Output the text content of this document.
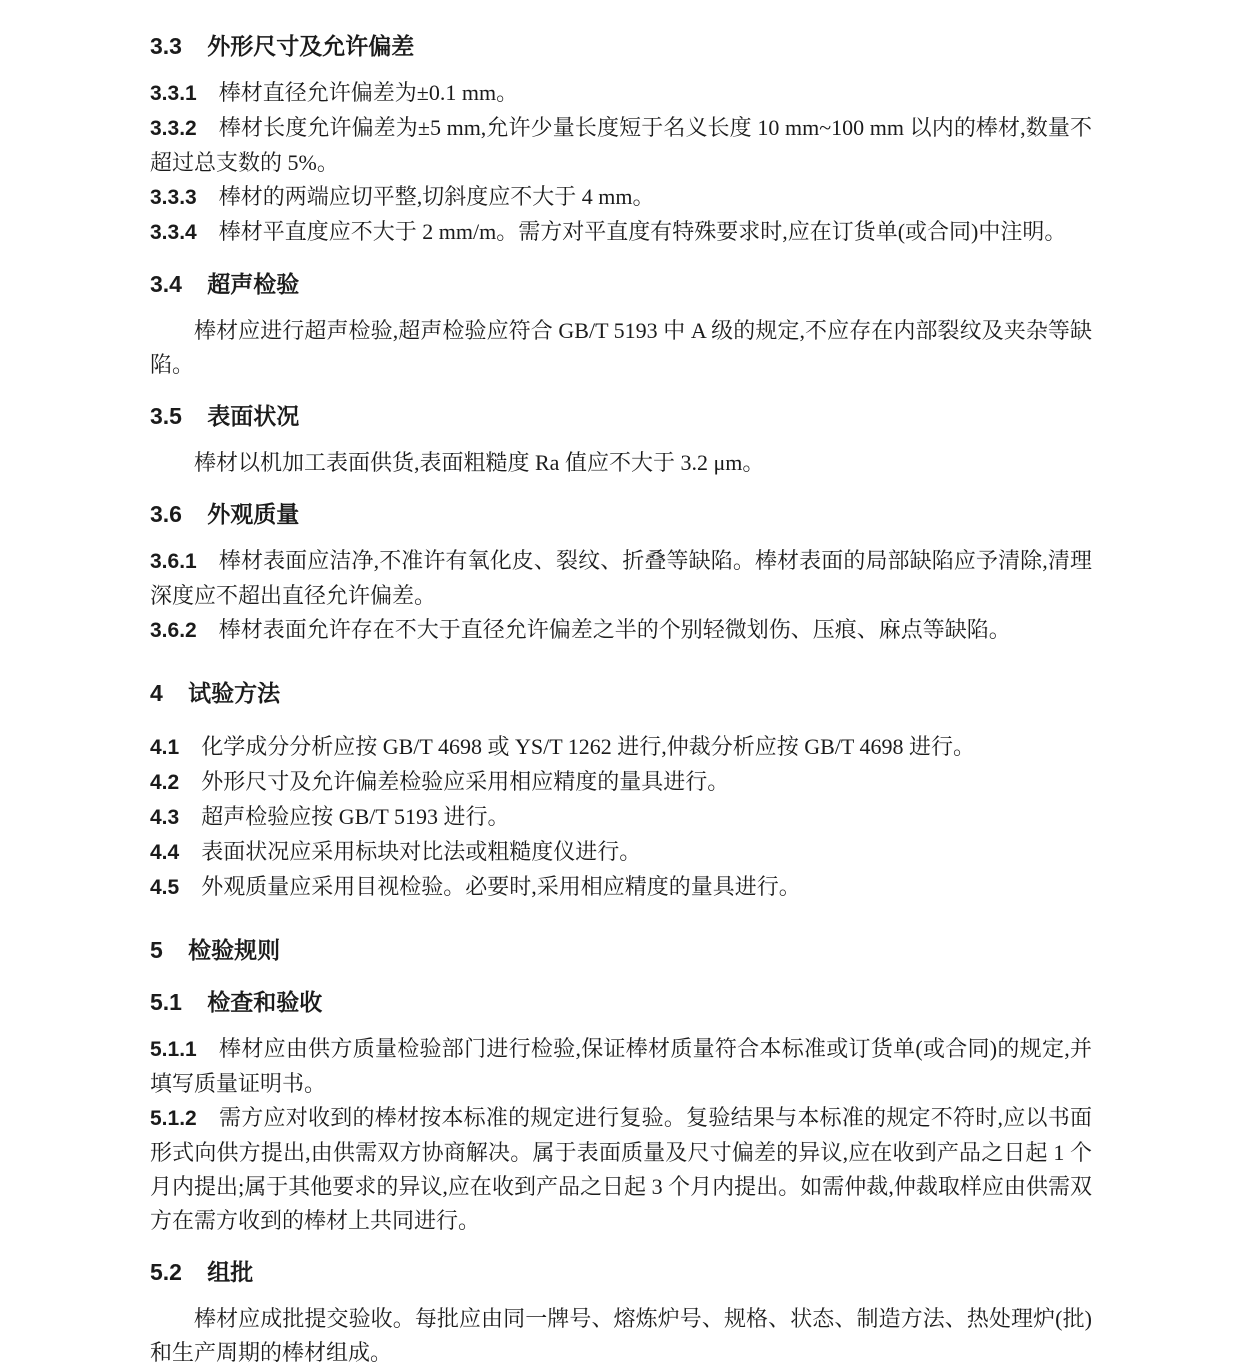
3.3 外形尺寸及允许偏差

3.3.1 棒材直径允许偏差为±0.1 mm。

3.3.2 棒材长度允许偏差为±5 mm,允许少量长度短于名义长度 10 mm~100 mm 以内的棒材,数量不超过总支数的 5%。

3.3.3 棒材的两端应切平整,切斜度应不大于 4 mm。

3.3.4 棒材平直度应不大于 2 mm/m。需方对平直度有特殊要求时,应在订货单(或合同)中注明。

3.4 超声检验

棒材应进行超声检验,超声检验应符合 GB/T 5193 中 A 级的规定,不应存在内部裂纹及夹杂等缺陷。

3.5 表面状况

棒材以机加工表面供货,表面粗糙度 Ra 值应不大于 3.2 μm。

3.6 外观质量

3.6.1 棒材表面应洁净,不准许有氧化皮、裂纹、折叠等缺陷。棒材表面的局部缺陷应予清除,清理深度应不超出直径允许偏差。

3.6.2 棒材表面允许存在不大于直径允许偏差之半的个别轻微划伤、压痕、麻点等缺陷。

4 试验方法

4.1 化学成分分析应按 GB/T 4698 或 YS/T 1262 进行,仲裁分析应按 GB/T 4698 进行。

4.2 外形尺寸及允许偏差检验应采用相应精度的量具进行。

4.3 超声检验应按 GB/T 5193 进行。

4.4 表面状况应采用标块对比法或粗糙度仪进行。

4.5 外观质量应采用目视检验。必要时,采用相应精度的量具进行。

5 检验规则
5.1 检查和验收

5.1.1 棒材应由供方质量检验部门进行检验,保证棒材质量符合本标准或订货单(或合同)的规定,并填写质量证明书。

5.1.2 需方应对收到的棒材按本标准的规定进行复验。复验结果与本标准的规定不符时,应以书面形式向供方提出,由供需双方协商解决。属于表面质量及尺寸偏差的异议,应在收到产品之日起 1 个月内提出;属于其他要求的异议,应在收到产品之日起 3 个月内提出。如需仲裁,仲裁取样应由供需双方在需方收到的棒材上共同进行。

5.2 组批

棒材应成批提交验收。每批应由同一牌号、熔炼炉号、规格、状态、制造方法、热处理炉(批)和生产周期的棒材组成。
